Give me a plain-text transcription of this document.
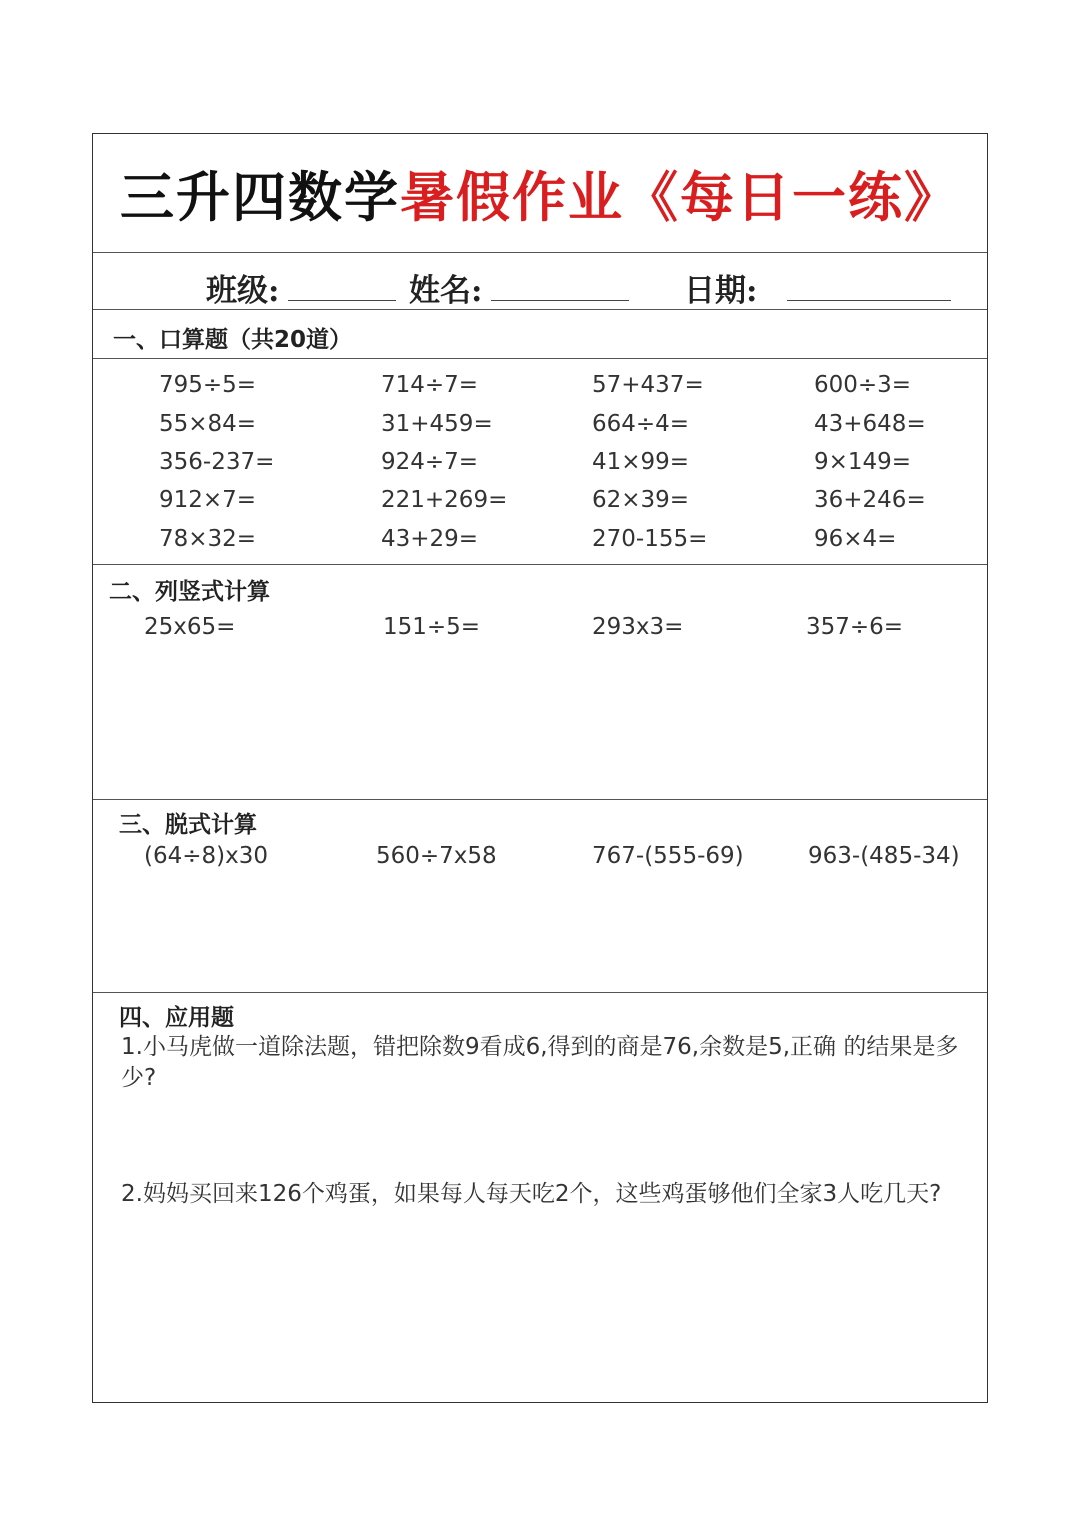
三升四数学暑假作业《每日一练》
班级:	姓名:	日期:
一、口算题（共20道）
795÷5=	714÷7=	57+437=	600÷3=
55×84=	31+459=	664÷4=	43+648=
356-237=	924÷7=	41×99=	9×149=
912×7=	221+269=	62×39=	36+246=
78×32=	43+29=	270-155=	96×4=
二、列竖式计算
25x65=	151÷5=	293x3=	357÷6=
三、脱式计算
(64÷8)x30	560÷7x58	767-(555-69)	963-(485-34)
四、应用题
1.小马虎做一道除法题，错把除数9看成6,得到的商是76,余数是5,正确 的结果是多少?
2.妈妈买回来126个鸡蛋，如果每人每天吃2个，这些鸡蛋够他们全家3人吃几天?
